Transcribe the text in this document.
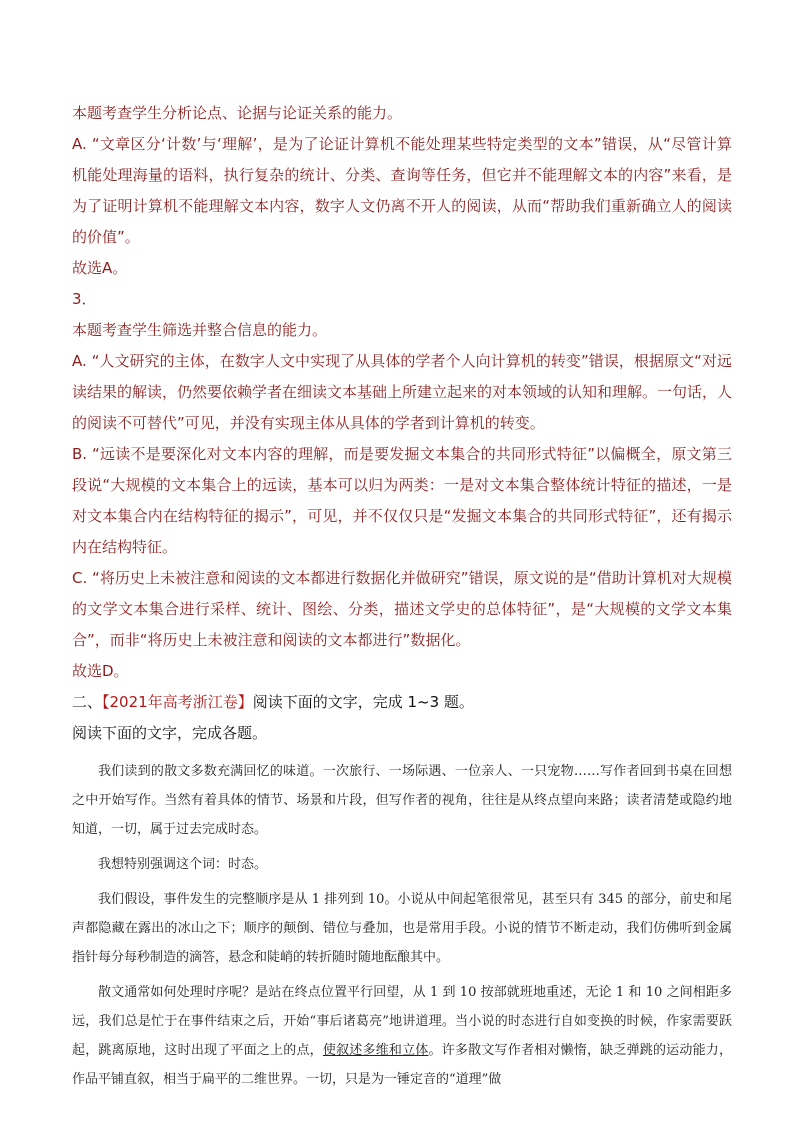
本题考查学生分析论点、论据与论证关系的能力。

A. “文章区分‘计数’与‘理解’，是为了论证计算机不能处理某些特定类型的文本”错误，从“尽管计算机能处理海量的语料，执行复杂的统计、分类、查询等任务，但它并不能理解文本的内容”来看，是为了证明计算机不能理解文本内容，数字人文仍离不开人的阅读，从而“帮助我们重新确立人的阅读的价值”。

故选A。

3．

本题考查学生筛选并整合信息的能力。

A. “人文研究的主体，在数字人文中实现了从具体的学者个人向计算机的转变”错误，根据原文“对远读结果的解读，仍然要依赖学者在细读文本基础上所建立起来的对本领域的认知和理解。一句话，人的阅读不可替代”可见，并没有实现主体从具体的学者到计算机的转变。

B. “远读不是要深化对文本内容的理解，而是要发掘文本集合的共同形式特征”以偏概全，原文第三段说“大规模的文本集合上的远读，基本可以归为两类：一是对文本集合整体统计特征的描述，一是对文本集合内在结构特征的揭示”，可见，并不仅仅只是“发掘文本集合的共同形式特征”，还有揭示内在结构特征。

C. “将历史上未被注意和阅读的文本都进行数据化并做研究”错误，原文说的是“借助计算机对大规模的文学文本集合进行采样、统计、图绘、分类，描述文学史的总体特征”，是“大规模的文学文本集合”，而非“将历史上未被注意和阅读的文本都进行”数据化。

故选D。

二、【2021年高考浙江卷】阅读下面的文字，完成 1~3 题。

阅读下面的文字，完成各题。

我们读到的散文多数充满回忆的味道。一次旅行、一场际遇、一位亲人、一只宠物……写作者回到书桌在回想之中开始写作。当然有着具体的情节、场景和片段，但写作者的视角，往往是从终点望向来路；读者清楚或隐约地知道，一切，属于过去完成时态。

我想特别强调这个词：时态。

我们假设，事件发生的完整顺序是从 1 排列到 10。小说从中间起笔很常见，甚至只有 345 的部分，前史和尾声都隐藏在露出的冰山之下；顺序的颠倒、错位与叠加，也是常用手段。小说的情节不断走动，我们仿佛听到金属指针每分每秒制造的滴答，悬念和陡峭的转折随时随地酝酿其中。

散文通常如何处理时序呢？是站在终点位置平行回望，从 1 到 10 按部就班地重述，无论 1 和 10 之间相距多远，我们总是忙于在事件结束之后，开始“事后诸葛亮”地讲道理。当小说的时态进行自如变换的时候，作家需要跃起，跳离原地，这时出现了平面之上的点，使叙述多维和立体。许多散文写作者相对懒惰，缺乏弹跳的运动能力，作品平铺直叙，相当于扁平的二维世界。一切，只是为一锤定音的“道理”做
